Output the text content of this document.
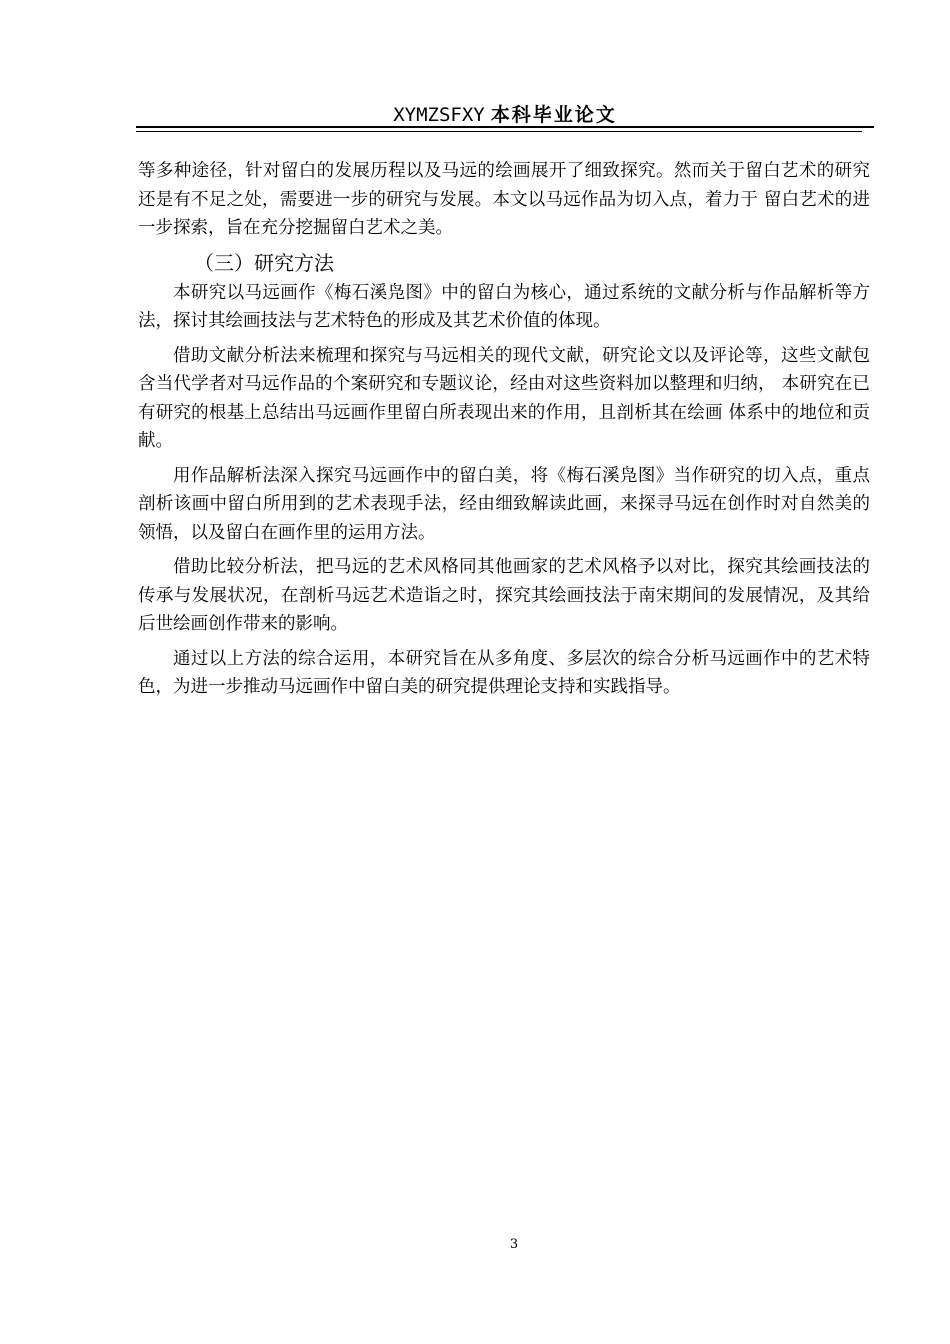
XYMZSFXY 本科毕业论文

等多种途径，针对留白的发展历程以及马远的绘画展开了细致探究。然而关于留白艺术的研究还是有不足之处，需要进一步的研究与发展。本文以马远作品为切入点，着力于 留白艺术的进一步探索，旨在充分挖掘留白艺术之美。

（三）研究方法

本研究以马远画作《梅石溪凫图》中的留白为核心，通过系统的文献分析与作品解析等方法，探讨其绘画技法与艺术特色的形成及其艺术价值的体现。

借助文献分析法来梳理和探究与马远相关的现代文献，研究论文以及评论等，这些文献包含当代学者对马远作品的个案研究和专题议论，经由对这些资料加以整理和归纳， 本研究在已有研究的根基上总结出马远画作里留白所表现出来的作用，且剖析其在绘画 体系中的地位和贡献。

用作品解析法深入探究马远画作中的留白美，将《梅石溪凫图》当作研究的切入点，重点剖析该画中留白所用到的艺术表现手法，经由细致解读此画，来探寻马远在创作时对自然美的领悟，以及留白在画作里的运用方法。

借助比较分析法，把马远的艺术风格同其他画家的艺术风格予以对比，探究其绘画技法的传承与发展状况，在剖析马远艺术造诣之时，探究其绘画技法于南宋期间的发展情况，及其给后世绘画创作带来的影响。

通过以上方法的综合运用，本研究旨在从多角度、多层次的综合分析马远画作中的艺术特色，为进一步推动马远画作中留白美的研究提供理论支持和实践指导。

3
